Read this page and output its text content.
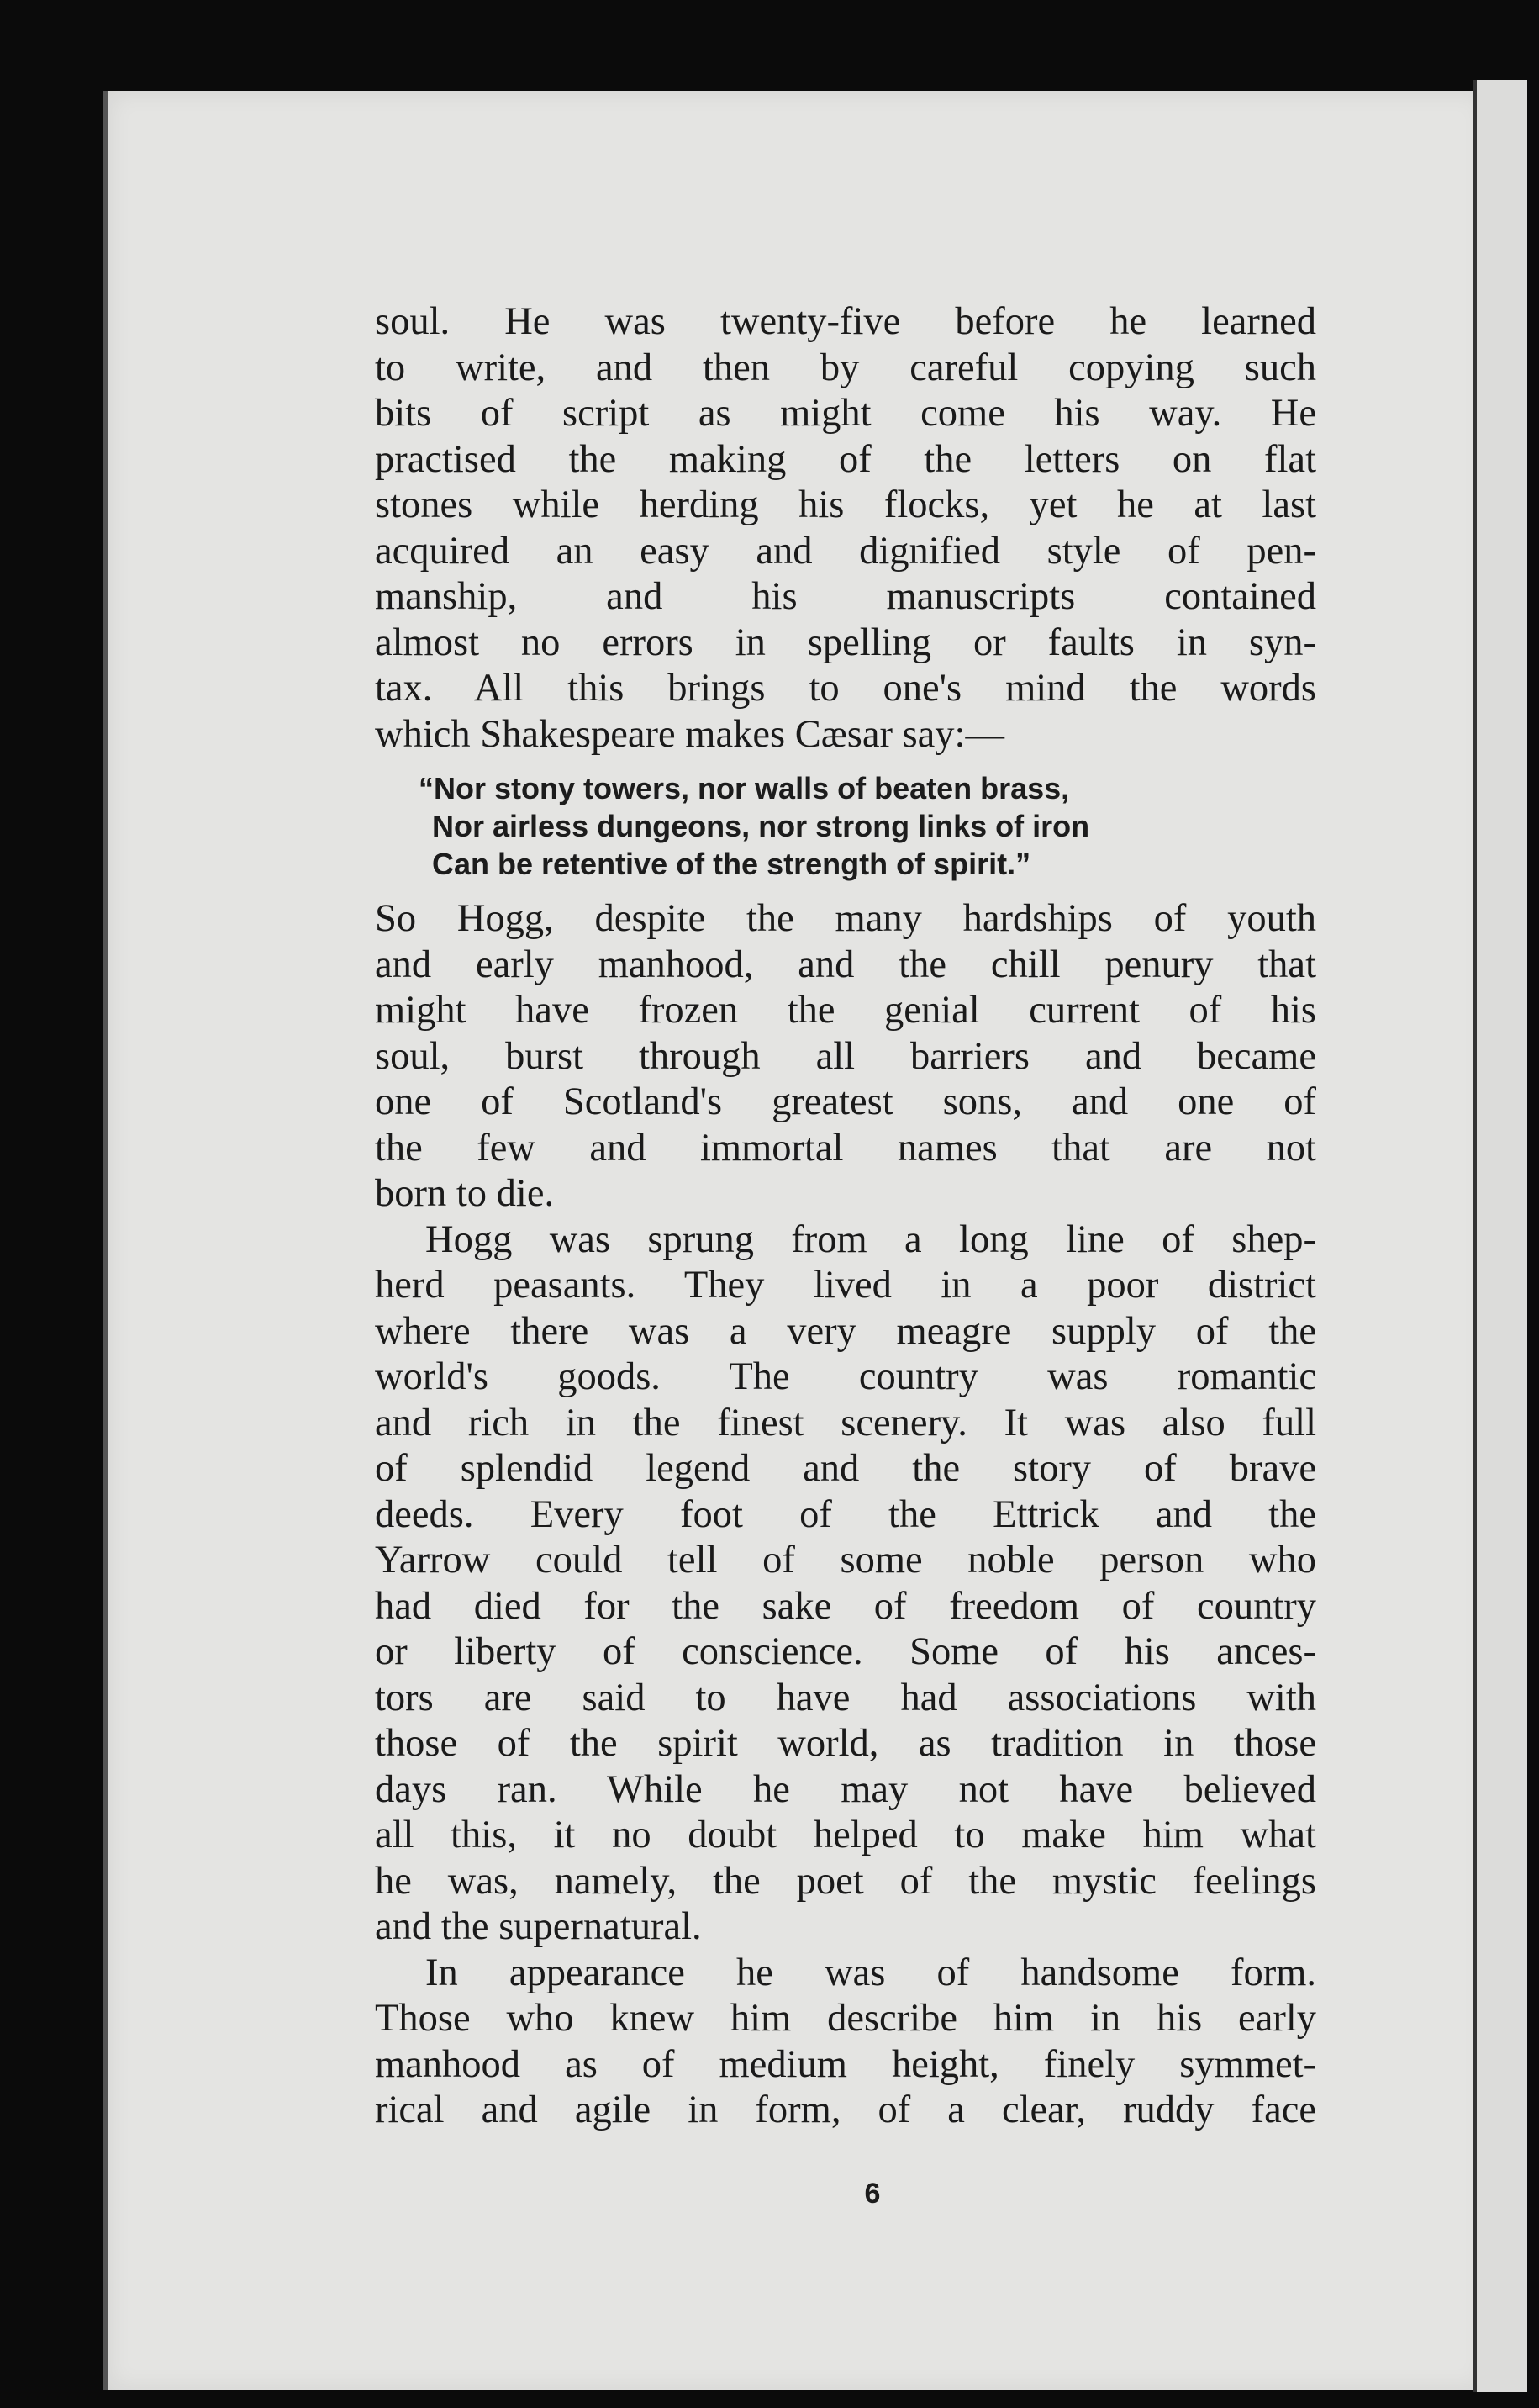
soul. He was twenty-five before he learned
to write, and then by careful copying such
bits of script as might come his way. He
practised the making of the letters on flat
stones while herding his flocks, yet he at last
acquired an easy and dignified style of pen-
manship, and his manuscripts contained
almost no errors in spelling or faults in syn-
tax. All this brings to one's mind the words
which Shakespeare makes Cæsar say:—

“Nor stony towers, nor walls of beaten brass,
Nor airless dungeons, nor strong links of iron
Can be retentive of the strength of spirit.”

So Hogg, despite the many hardships of youth
and early manhood, and the chill penury that
might have frozen the genial current of his
soul, burst through all barriers and became
one of Scotland's greatest sons, and one of
the few and immortal names that are not
born to die.

Hogg was sprung from a long line of shep-
herd peasants. They lived in a poor district
where there was a very meagre supply of the
world's goods. The country was romantic
and rich in the finest scenery. It was also full
of splendid legend and the story of brave
deeds. Every foot of the Ettrick and the
Yarrow could tell of some noble person who
had died for the sake of freedom of country
or liberty of conscience. Some of his ances-
tors are said to have had associations with
those of the spirit world, as tradition in those
days ran. While he may not have believed
all this, it no doubt helped to make him what
he was, namely, the poet of the mystic feelings
and the supernatural.

In appearance he was of handsome form.
Those who knew him describe him in his early
manhood as of medium height, finely symmet-
rical and agile in form, of a clear, ruddy face

6
